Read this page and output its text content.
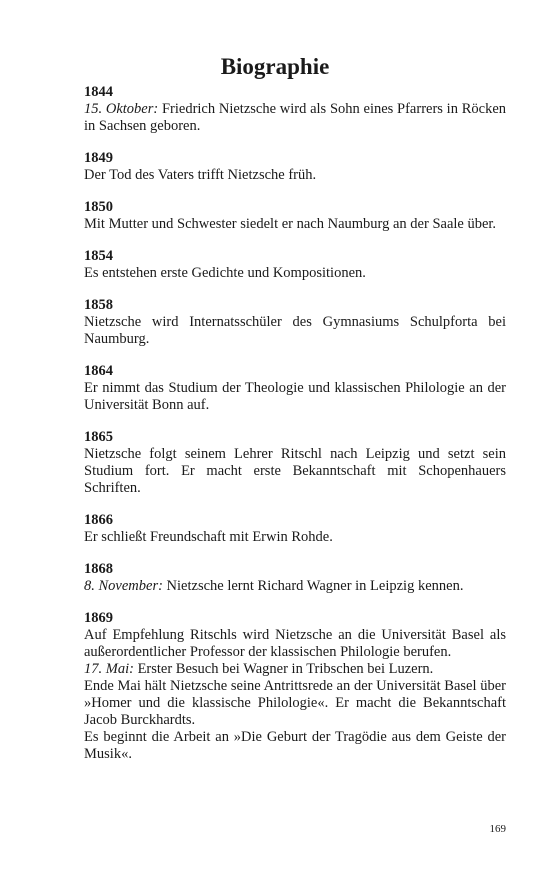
Biographie
1844

15. Oktober: Friedrich Nietzsche wird als Sohn eines Pfarrers in Röcken in Sachsen geboren.

1849

Der Tod des Vaters trifft Nietzsche früh.

1850

Mit Mutter und Schwester siedelt er nach Naumburg an der Saale über.

1854

Es entstehen erste Gedichte und Kompositionen.

1858

Nietzsche wird Internatsschüler des Gymnasiums Schulpforta bei Naumburg.

1864

Er nimmt das Studium der Theologie und klassischen Philologie an der Universität Bonn auf.

1865

Nietzsche folgt seinem Lehrer Ritschl nach Leipzig und setzt sein Studium fort. Er macht erste Bekanntschaft mit Schopenhauers Schriften.

1866

Er schließt Freundschaft mit Erwin Rohde.

1868

8. November: Nietzsche lernt Richard Wagner in Leipzig kennen.

1869

Auf Empfehlung Ritschls wird Nietzsche an die Universität Basel als außerordentlicher Professor der klassischen Philologie berufen.

17. Mai: Erster Besuch bei Wagner in Tribschen bei Luzern.

Ende Mai hält Nietzsche seine Antrittsrede an der Universität Basel über »Homer und die klassische Philologie«. Er macht die Bekanntschaft Jacob Burckhardts.

Es beginnt die Arbeit an »Die Geburt der Tragödie aus dem Geiste der Musik«.

169
